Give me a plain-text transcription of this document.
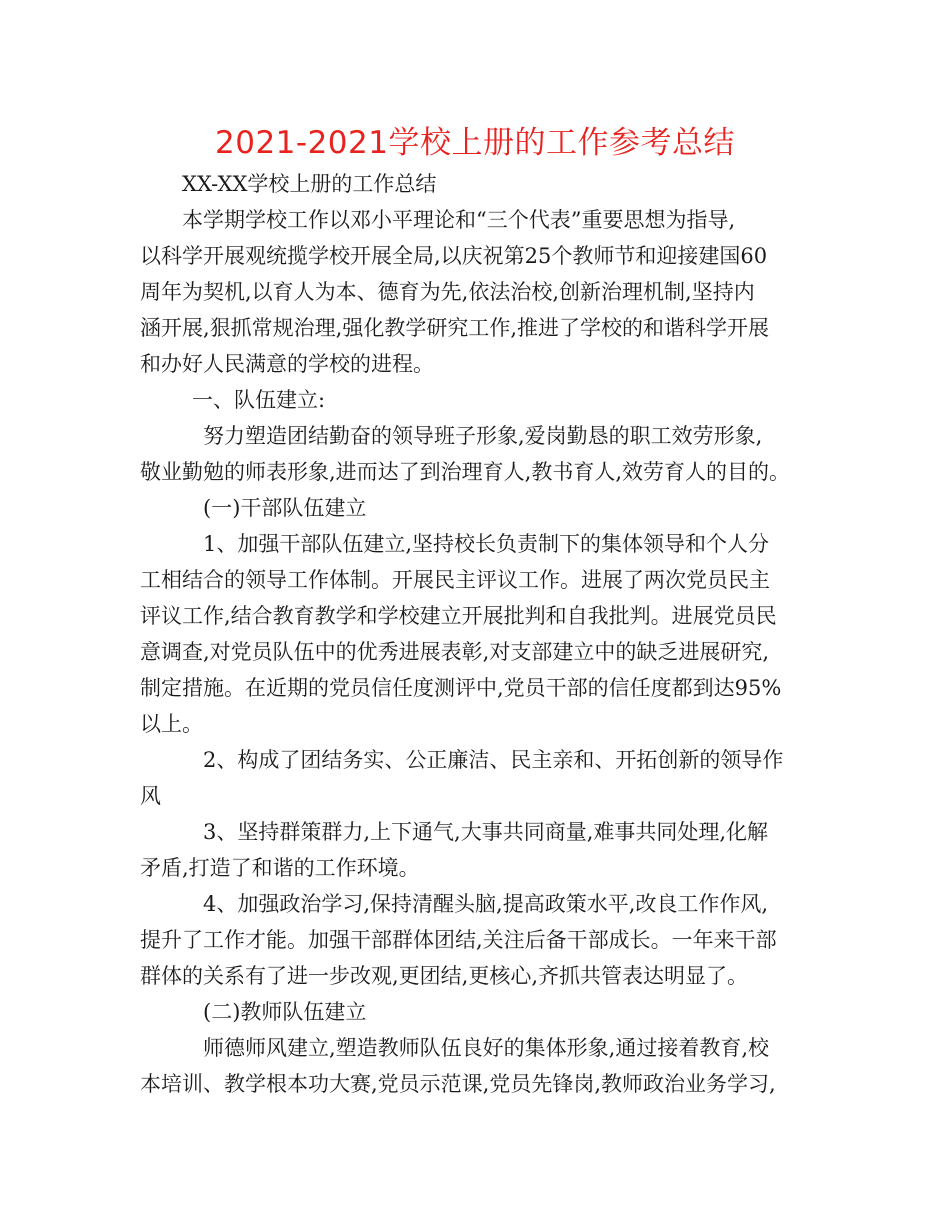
2021-2021学校上册的工作参考总结
XX-XX学校上册的工作总结
本学期学校工作以邓小平理论和“三个代表”重要思想为指导,
以科学开展观统揽学校开展全局,以庆祝第25个教师节和迎接建国60
周年为契机,以育人为本、德育为先,依法治校,创新治理机制,坚持内
涵开展,狠抓常规治理,强化教学研究工作,推进了学校的和谐科学开展
和办好人民满意的学校的进程。
一、队伍建立:
努力塑造团结勤奋的领导班子形象,爱岗勤恳的职工效劳形象,
敬业勤勉的师表形象,进而达了到治理育人,教书育人,效劳育人的目的。
(一)干部队伍建立
1、加强干部队伍建立,坚持校长负责制下的集体领导和个人分
工相结合的领导工作体制。开展民主评议工作。进展了两次党员民主
评议工作,结合教育教学和学校建立开展批判和自我批判。进展党员民
意调查,对党员队伍中的优秀进展表彰,对支部建立中的缺乏进展研究,
制定措施。在近期的党员信任度测评中,党员干部的信任度都到达95%
以上。
2、构成了团结务实、公正廉洁、民主亲和、开拓创新的领导作
风
3、坚持群策群力,上下通气,大事共同商量,难事共同处理,化解
矛盾,打造了和谐的工作环境。
4、加强政治学习,保持清醒头脑,提高政策水平,改良工作作风,
提升了工作才能。加强干部群体团结,关注后备干部成长。一年来干部
群体的关系有了进一步改观,更团结,更核心,齐抓共管表达明显了。
(二)教师队伍建立
师德师风建立,塑造教师队伍良好的集体形象,通过接着教育,校
本培训、教学根本功大赛,党员示范课,党员先锋岗,教师政治业务学习,
